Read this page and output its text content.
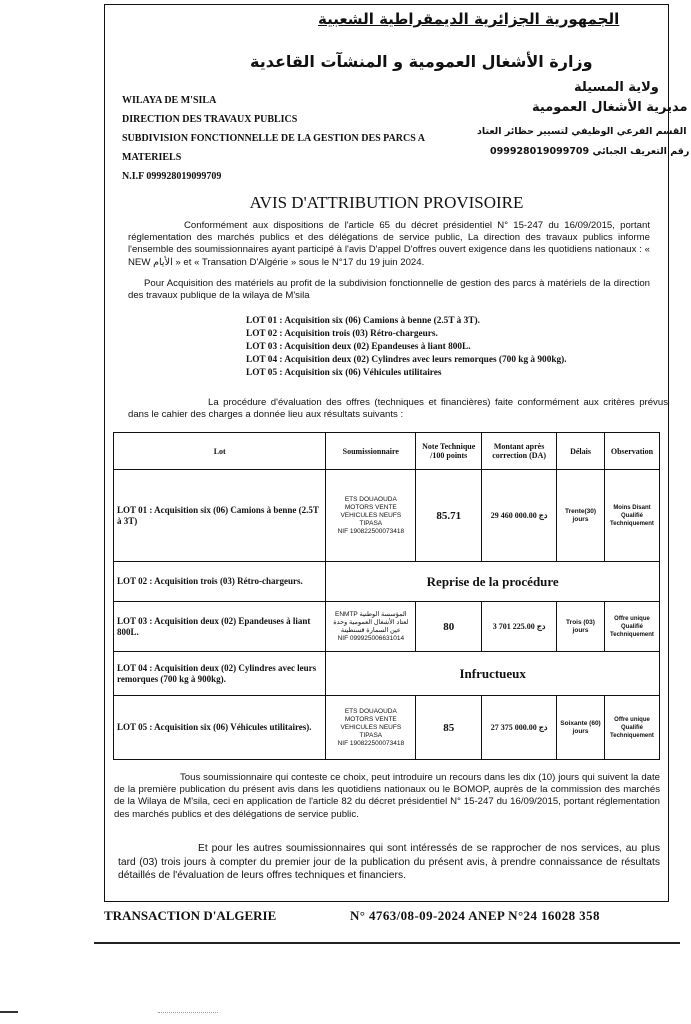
الجمهورية الجزائرية الديمقراطية الشعبية
وزارة الأشغال العمومية و المنشآت القاعدية
ولاية المسيلة
مديرية الأشغال العمومية
القسم الفرعي الوظيفي لتسيير حظائر العتاد
رقم التعريف الجبائي 099928019099709
WILAYA DE M'SILA
DIRECTION DES TRAVAUX PUBLICS
SUBDIVISION FONCTIONNELLE DE LA GESTION DES PARCS A
MATERIELS
N.I.F 099928019099709
AVIS D'ATTRIBUTION PROVISOIRE
Conformément aux dispositions de l'article 65 du décret présidentiel N° 15-247 du 16/09/2015, portant réglementation des marchés publics et des délégations de service public, La direction des travaux publics informe l'ensemble des soumissionnaires ayant participé à l'avis D'appel D'offres ouvert exigence dans les quotidiens nationaux : « NEW الأيام » et « Transation D'Algérie » sous le N°17 du 19 juin 2024.
Pour Acquisition des matériels au profit de la subdivision fonctionnelle de gestion des parcs à matériels de la direction des travaux publique de la wilaya de M'sila
LOT 01 : Acquisition six (06) Camions à benne (2.5T à 3T).
LOT 02 : Acquisition trois (03) Rétro-chargeurs.
LOT 03 : Acquisition deux (02) Epandeuses à liant 800L.
LOT 04 : Acquisition deux (02) Cylindres avec leurs remorques (700 kg à 900kg).
LOT 05 : Acquisition six (06) Véhicules utilitaires
La procédure d'évaluation des offres (techniques et financières) faite conformément aux critères prévus dans le cahier des charges a donnée lieu aux résultats suivants :
Lot	Soumissionnaire	Note Technique /100 points	Montant après correction (DA)	Délais	Observation
LOT 01 : Acquisition six (06) Camions à benne (2.5T à 3T)	ETS DOUAOUDA
MOTORS VENTE
VEHICULES NEUFS
TIPASA
NIF 190822500073418	85.71	29 460 000.00 دج	Trente(30) jours	Moins Disant Qualifié Techniquement
LOT 02 : Acquisition trois (03) Rétro-chargeurs.	Reprise de la procédure				
LOT 03 : Acquisition deux (02) Epandeuses à liant 800L.	ENMTP المؤسسة الوطنية
لعتاد الأشغال العمومية وحدة
عين السمارة قسنطينة
NIF 099925006631014	80	3 701 225.00 دج	Trois (03) jours	Offre unique Qualifié Techniquement
LOT 04 : Acquisition deux (02) Cylindres avec leurs remorques (700 kg à 900kg).	Infructueux				
LOT 05 : Acquisition six (06) Véhicules utilitaires).	ETS DOUAOUDA
MOTORS VENTE
VEHICULES NEUFS
TIPASA
NIF 190822500073418	85	27 375 000.00 دج	Soixante (60) jours	Offre unique Qualifié Techniquement
Tous soumissionnaire qui conteste ce choix, peut introduire un recours dans les dix (10) jours qui suivent la date de la première publication du présent avis dans les quotidiens nationaux ou le BOMOP, auprès de la commission des marchés de la Wilaya de M'sila, ceci en application de l'article 82 du décret présidentiel N° 15-247 du 16/09/2015, portant réglementation des marchés publics et des délégations de service public.
Et pour les autres soumissionnaires qui sont intéressés de se rapprocher de nos services, au plus tard (03) trois jours à compter du premier jour de la publication du présent avis, à prendre connaissance de résultats détaillés de l'évaluation de leurs offres techniques et financiers.
TRANSACTION D'ALGERIE	N° 4763/08-09-2024 ANEP N°24 16028 358
